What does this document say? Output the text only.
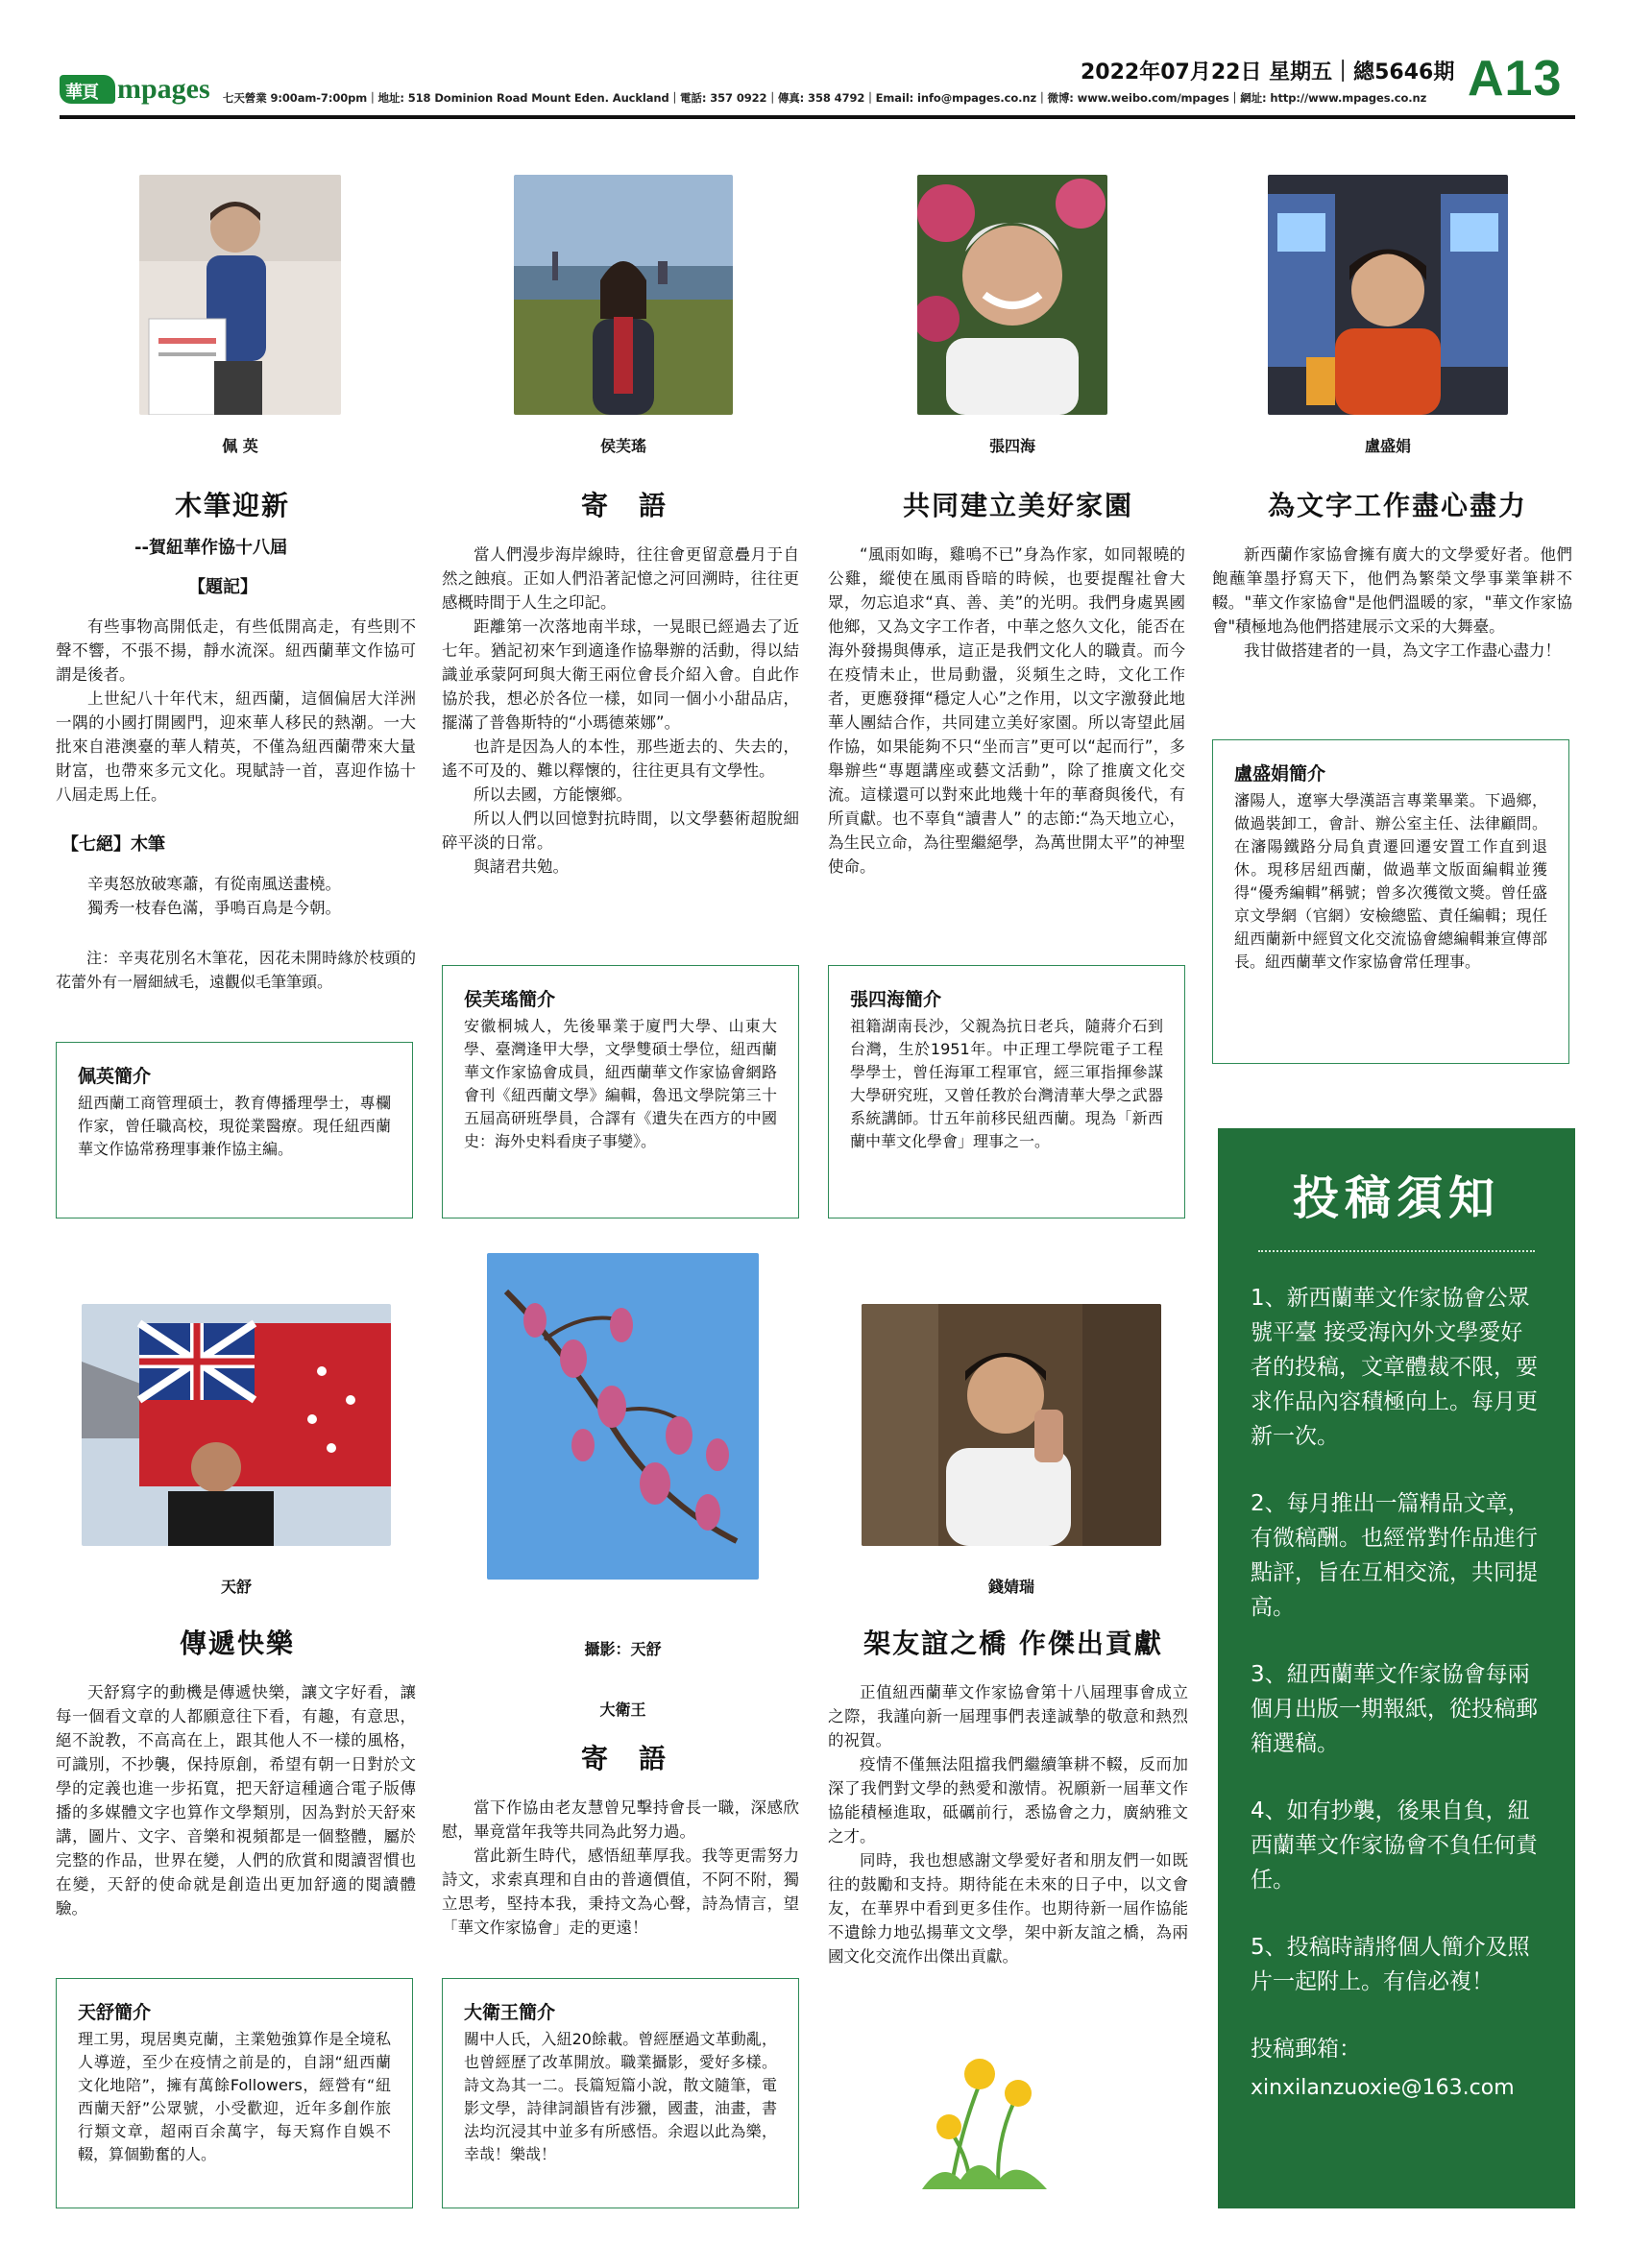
華頁 mpages 七天營業 9:00am-7:00pm｜地址: 518 Dominion Road Mount Eden. Auckland｜電話: 357 0922｜傳真: 358 4792｜Email: info@mpages.co.nz｜微博: www.weibo.com/mpages｜網址: http://www.mpages.co.nz
2022年07月22日 星期五｜總5646期 A13
佩 英
木筆迎新
--賀紐華作協十八屆
【題記】

有些事物高開低走，有些低開高走，有些則不聲不響，不張不揚，靜水流深。紐西蘭華文作協可謂是後者。

上世紀八十年代末，紐西蘭，這個偏居大洋洲一隅的小國打開國門，迎來華人移民的熱潮。一大批來自港澳臺的華人精英，不僅為紐西蘭帶來大量財富，也帶來多元文化。現賦詩一首，喜迎作協十八屆走馬上任。

【七絕】木筆

辛夷怒放破寒蕭，有從南風送畫橈。

獨秀一枝春色滿，爭鳴百鳥是今朝。

注：辛夷花別名木筆花，因花未開時緣於枝頭的花蕾外有一層細絨毛，遠觀似毛筆筆頭。

佩英簡介
紐西蘭工商管理碩士，教育傳播理學士，專欄作家，曾任職高校，現從業醫療。現任紐西蘭華文作協常務理事兼作協主編。
侯芙瑤
寄　語

當人們漫步海岸線時，往往會更留意疊月于自然之蝕痕。正如人們沿著記憶之河回溯時，往往更感概時間于人生之印記。

距離第一次落地南半球，一晃眼已經過去了近七年。猶記初來乍到適逢作協舉辦的活動，得以結識並承蒙阿珂與大衛王兩位會長介紹入會。自此作協於我，想必於各位一樣，如同一個小小甜品店，擺滿了普魯斯特的“小瑪德萊娜”。

也許是因為人的本性，那些逝去的、失去的，遙不可及的、難以釋懷的，往往更具有文學性。

所以去國，方能懷鄉。

所以人們以回憶對抗時間，以文學藝術超脫細碎平淡的日常。

與諸君共勉。

侯芙瑤簡介
安徽桐城人，先後畢業于廈門大學、山東大學、臺灣逢甲大學，文學雙碩士學位，紐西蘭華文作家協會成員，紐西蘭華文作家協會網路會刊《紐西蘭文學》編輯，魯迅文學院第三十五屆高研班學員，合譯有《遺失在西方的中國史：海外史料看庚子事變》。
張四海
共同建立美好家園

“風雨如晦，雞鳴不已”身為作家，如同報曉的公雞，縱使在風雨昏暗的時候，也要提醒社會大眾，勿忘追求“真、善、美”的光明。我們身處異國他鄉，又為文字工作者，中華之悠久文化，能否在海外發揚與傳承，這正是我們文化人的職責。而今在疫情未止，世局動盪，災頻生之時，文化工作者，更應發揮“穩定人心”之作用，以文字激發此地華人團結合作，共同建立美好家園。所以寄望此屆作協，如果能夠不只“坐而言”更可以“起而行”，多舉辦些“專題講座或藝文活動”，除了推廣文化交流。這樣還可以對來此地幾十年的華裔與後代，有所貢獻。也不辜負“讀書人” 的志節:“為天地立心，為生民立命，為往聖繼絕學，為萬世開太平”的神聖使命。

張四海簡介
祖籍湖南長沙，父親為抗日老兵，隨蔣介石到台灣，生於1951年。中正理工學院電子工程學學士，曾任海軍工程軍官，經三軍指揮參謀大學研究班，又曾任教於台灣清華大學之武器系統講師。廿五年前移民紐西蘭。現為「新西蘭中華文化學會」理事之一。
盧盛娟
為文字工作盡心盡力

新西蘭作家協會擁有廣大的文學愛好者。他們飽蘸筆墨抒寫天下，他們為繁榮文學事業筆耕不輟。"華文作家協會"是他們溫暖的家，"華文作家協會"積極地為他們搭建展示文采的大舞臺。

我甘做搭建者的一員，為文字工作盡心盡力！

盧盛娟簡介
瀋陽人，遼寧大學漢語言專業畢業。下過鄉，做過裝卸工，會計、辦公室主任、法律顧問。在瀋陽鐵路分局負責遷回遷安置工作直到退休。現移居紐西蘭，做過華文版面編輯並獲得“優秀編輯”稱號；曾多次獲徵文獎。曾任盛京文學網（官網）安檢總監、責任編輯；現任紐西蘭新中經貿文化交流協會總編輯兼宣傳部長。紐西蘭華文作家協會常任理事。
投稿須知
1、新西蘭華文作家協會公眾號平臺 接受海內外文學愛好者的投稿，文章體裁不限，要求作品內容積極向上。每月更新一次。
2、每月推出一篇精品文章，有微稿酬。也經常對作品進行點評，旨在互相交流，共同提高。
3、紐西蘭華文作家協會每兩個月出版一期報紙，從投稿郵箱選稿。
4、如有抄襲，後果自負，紐西蘭華文作家協會不負任何責任。
5、投稿時請將個人簡介及照片一起附上。有信必複！
投稿郵箱：
xinxilanzuoxie@163.com
天舒
傳遞快樂

天舒寫字的動機是傳遞快樂，讓文字好看，讓每一個看文章的人都願意往下看，有趣，有意思，絕不說教，不高高在上，跟其他人不一樣的風格，可識別，不抄襲，保持原創，希望有朝一日對於文學的定義也進一步拓寬，把天舒這種適合電子版傳播的多媒體文字也算作文學類別，因為對於天舒來講，圖片、文字、音樂和視頻都是一個整體，屬於完整的作品，世界在變，人們的欣賞和閱讀習慣也在變，天舒的使命就是創造出更加舒適的閱讀體驗。

天舒簡介
理工男，現居奧克蘭，主業勉強算作是全境私人導遊，至少在疫情之前是的，自詡“紐西蘭文化地陪”，擁有萬餘Followers，經營有“紐西蘭天舒”公眾號，小受歡迎，近年多創作旅行類文章，超兩百余萬字，每天寫作自娛不輟，算個勤奮的人。
攝影：天舒
大衛王
寄　語

當下作協由老友慧曾兄擊持會長一職，深感欣慰，畢竟當年我等共同為此努力過。

當此新生時代，感悟紐華厚我。我等更需努力詩文，求索真理和自由的普適價值，不阿不附，獨立思考，堅持本我，秉持文為心聲，詩為情言，望「華文作家協會」走的更遠！

大衛王簡介
關中人氏，入紐20餘載。曾經歷過文革動亂，也曾經歷了改革開放。職業攝影，愛好多樣。詩文為其一二。長篇短篇小說，散文隨筆，電影文學，詩律詞韻皆有涉獵，國畫，油畫，書法均沉浸其中並多有所感悟。余遐以此為樂，幸哉！樂哉！
錢婧瑞
架友誼之橋 作傑出貢獻

正值紐西蘭華文作家協會第十八屆理事會成立之際，我謹向新一屆理事們表達誠摯的敬意和熱烈的祝賀。

疫情不僅無法阻擋我們繼續筆耕不輟，反而加深了我們對文學的熱愛和激情。祝願新一屆華文作協能積極進取，砥礪前行，悉協會之力，廣納雅文之才。

同時，我也想感謝文學愛好者和朋友們一如既往的鼓勵和支持。期待能在未來的日子中，以文會友，在華界中看到更多佳作。也期待新一屆作協能不遺餘力地弘揚華文文學，架中新友誼之橋，為兩國文化交流作出傑出貢獻。
